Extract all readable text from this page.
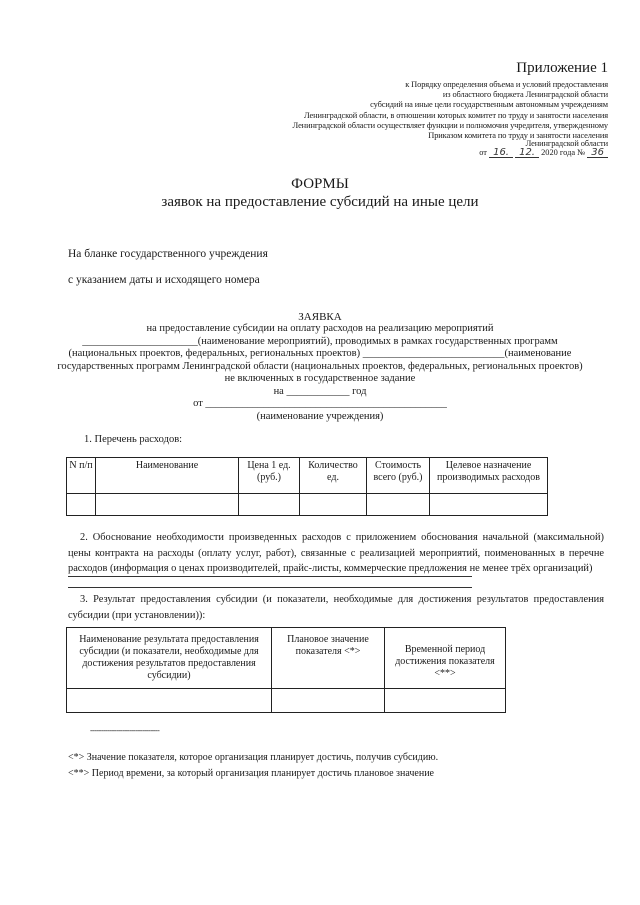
Приложение 1
к Порядку определения объема и условий предоставления
из областного бюджета Ленинградской области
субсидий на иные цели государственным автономным учреждениям
Ленинградской области, в отношении которых комитет по труду и занятости населения
Ленинградской области осуществляет функции и полномочия учредителя, утвержденному
Приказом комитета по труду и занятости населения
Ленинградской области
от 16. 12. 2020 года № 36
ФОРМЫ
заявок на предоставление субсидий на иные цели
На бланке государственного учреждения
с указанием даты и исходящего номера
ЗАЯВКА
на предоставление субсидии на оплату расходов на реализацию мероприятий
______________________(наименование мероприятий), проводимых в рамках государственных программ
(национальных проектов, федеральных, региональных проектов) ___________________________(наименование
государственных программ Ленинградской области (национальных проектов, федеральных, региональных проектов)
не включенных в государственное задание
на ____________ год
от ______________________________________________
(наименование учреждения)
1. Перечень расходов:
N п/п	Наименование	Цена 1 ед. (руб.)	Количество ед.	Стоимость всего (руб.)	Целевое назначение производимых расходов

2. Обоснование необходимости произведенных расходов с приложением обоснования начальной (максимальной) цены контракта на расходы (оплату услуг, работ), связанные с реализацией мероприятий, поименованных в перечне расходов (информация о ценах производителей, прайс-листы, коммерческие предложения не менее трёх организаций)
3. Результат предоставления субсидии (и показатели, необходимые для достижения результатов предоставления субсидии (при установлении)):
Наименование результата предоставления субсидии (и показатели, необходимые для достижения результатов предоставления субсидии)	Плановое значение показателя <*>	Временной период достижения показателя <**>

--------------------------------
<*> Значение показателя, которое организация планирует достичь, получив субсидию.
<**> Период времени, за который организация планирует достичь плановое значение
